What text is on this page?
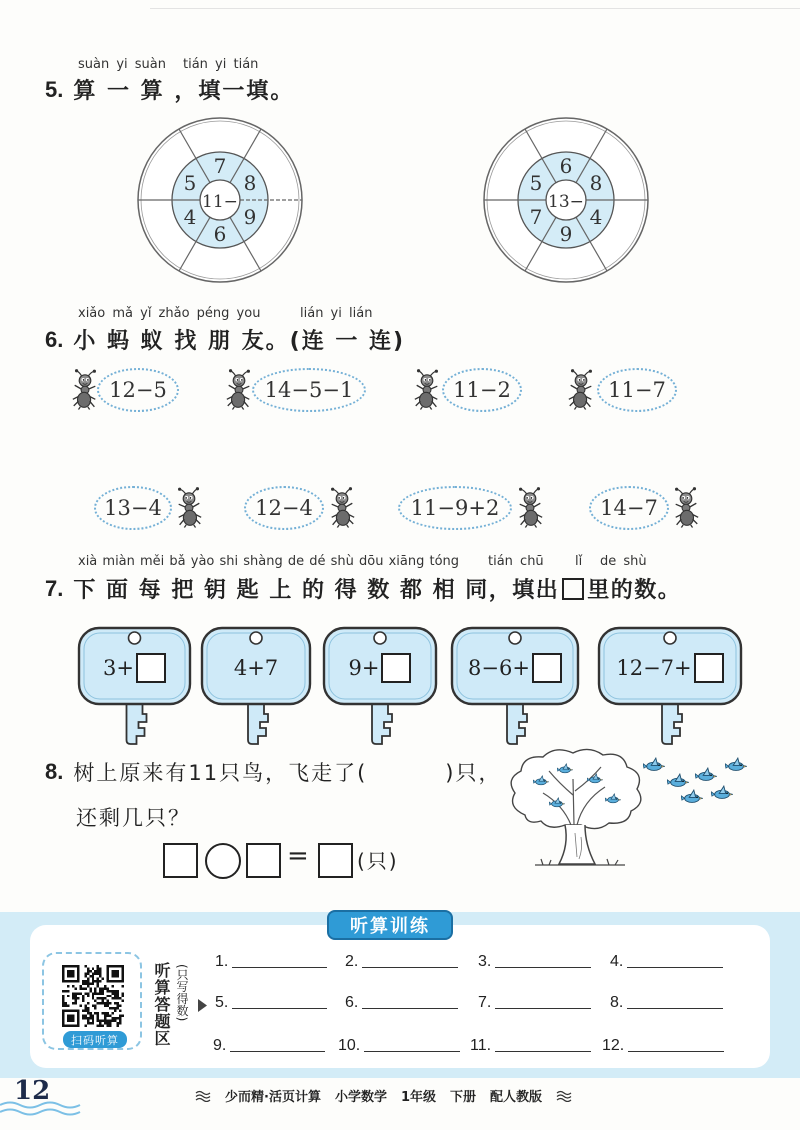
suàn yi suàn tián yi tián
5. 算 一 算 ，填一填。
11−
7
8
9
6
4
5
13−
6
8
4
9
7
5
xiǎo mǎ yǐ zhǎo péng you	lián yi lián
6. 小 蚂 蚁 找 朋 友。(连 一 连)
12−5	14−5−1	11−2	11−7
13−4	12−4	11−9+2	14−7
xià miàn měi bǎ yào shi shàng de dé shù dōu xiāng tóng tián chū lǐ de shù
7. 下 面 每 把 钥 匙 上 的 得 数 都 相 同，填出 里的数。
3+	4+7	9+	8−6+	12−7+
8. 树上原来有11只鸟，飞走了(	)只，
还剩几只？
= (只)
听算训练
扫码听算	听算答题区 (只写得数)
1.	2.	3.	4.
5.	6.	7.	8.
9.	10.	11.	12.
12	少而精·活页计算 小学数学 1年级 下册 配人教版
